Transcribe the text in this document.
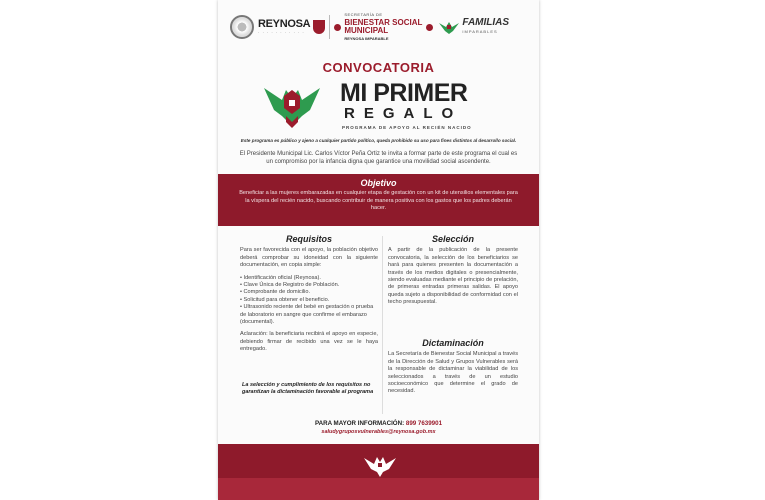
REYNOSA
· · · · · · · · · · ·
SECRETARÍA DE
BIENESTAR SOCIAL
MUNICIPAL
REYNOSA IMPARABLE
FAMILIAS
IMPARABLES
CONVOCATORIA
MI PRIMER
REGALO
PROGRAMA DE APOYO AL RECIÉN NACIDO
Este programa es público y ajeno a cualquier partido político, queda prohibido su uso para fines distintos al desarrollo social.
El Presidente Municipal Lic. Carlos Víctor Peña Ortiz te invita a formar parte de este programa el cual es un compromiso por la infancia digna que garantice una movilidad social ascendente.
Objetivo

Beneficiar a las mujeres embarazadas en cualquier etapa de gestación con un kit de utensilios elementales para la víspera del recién nacido, buscando contribuir de manera positiva con los gastos que los padres deberán hacer.

Requisitos

Para ser favorecida con el apoyo, la población objetivo deberá comprobar su idoneidad con la siguiente documentación, en copia simple:

• Identificación oficial (Reynosa).
• Clave Única de Registro de Población.
• Comprobante de domicilio.
• Solicitud para obtener el beneficio.
• Ultrasonido reciente del bebé en gestación o prueba de laboratorio en sangre que confirme el embarazo (documental).

Aclaración: la beneficiaria recibirá el apoyo en especie, debiendo firmar de recibido una vez se le haya entregado.

Selección

A partir de la publicación de la presente convocatoria, la selección de los beneficiarios se hará para quienes presenten la documentación a través de los medios digitales o presencialmente, siendo evaluadas mediante el principio de prelación, de primeras entradas primeras salidas. El apoyo queda sujeto a disponibilidad de conformidad con el techo presupuestal.

Dictaminación

La Secretaría de Bienestar Social Municipal a través de la Dirección de Salud y Grupos Vulnerables será la responsable de dictaminar la viabilidad de los seleccionados a través de un estudio socioeconómico que determine el grado de necesidad.

La selección y cumplimiento de los requisitos no garantizan la dictaminación favorable al programa
PARA MAYOR INFORMACIÓN: 899 7639901
saludygruposvulnerables@reynosa.gob.mx
